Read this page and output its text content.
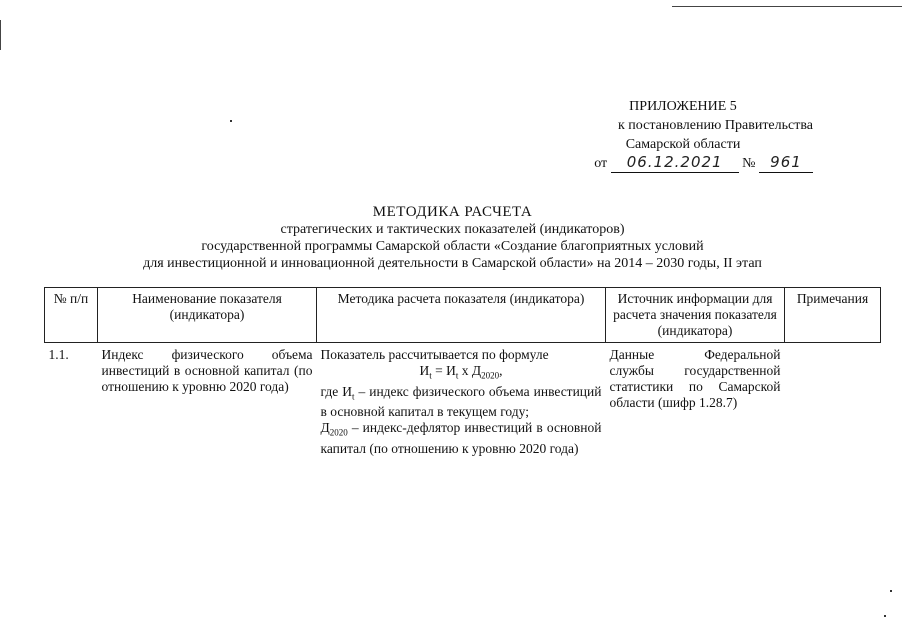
ПРИЛОЖЕНИЕ 5
к постановлению Правительства
Самарской области
от 06.12.2021 № 961
МЕТОДИКА РАСЧЕТА
стратегических и тактических показателей (индикаторов)
государственной программы Самарской области «Создание благоприятных условий
для инвестиционной и инновационной деятельности в Самарской области» на 2014 – 2030 годы, II этап
№ п/п	Наименование показателя (индикатора)	Методика расчета показателя (индикатора)	Источник информации для расчета значения показателя (индикатора)	Примечания
1.1.	Индекс физического объема инвестиций в основной капитал (по отношению к уровню 2020 года)	Показатель рассчитывается по формуле
$И_t = И_t$ х $Д_{2020}$,
где $И_t$ – индекс физического объема инвестиций в основной капитал в текущем году;
$Д_{2020}$ – индекс-дефлятор инвестиций в основной капитал (по отношению к уровню 2020 года)	Данные Федеральной службы государственной статистики по Самарской области (шифр 1.28.7)	
